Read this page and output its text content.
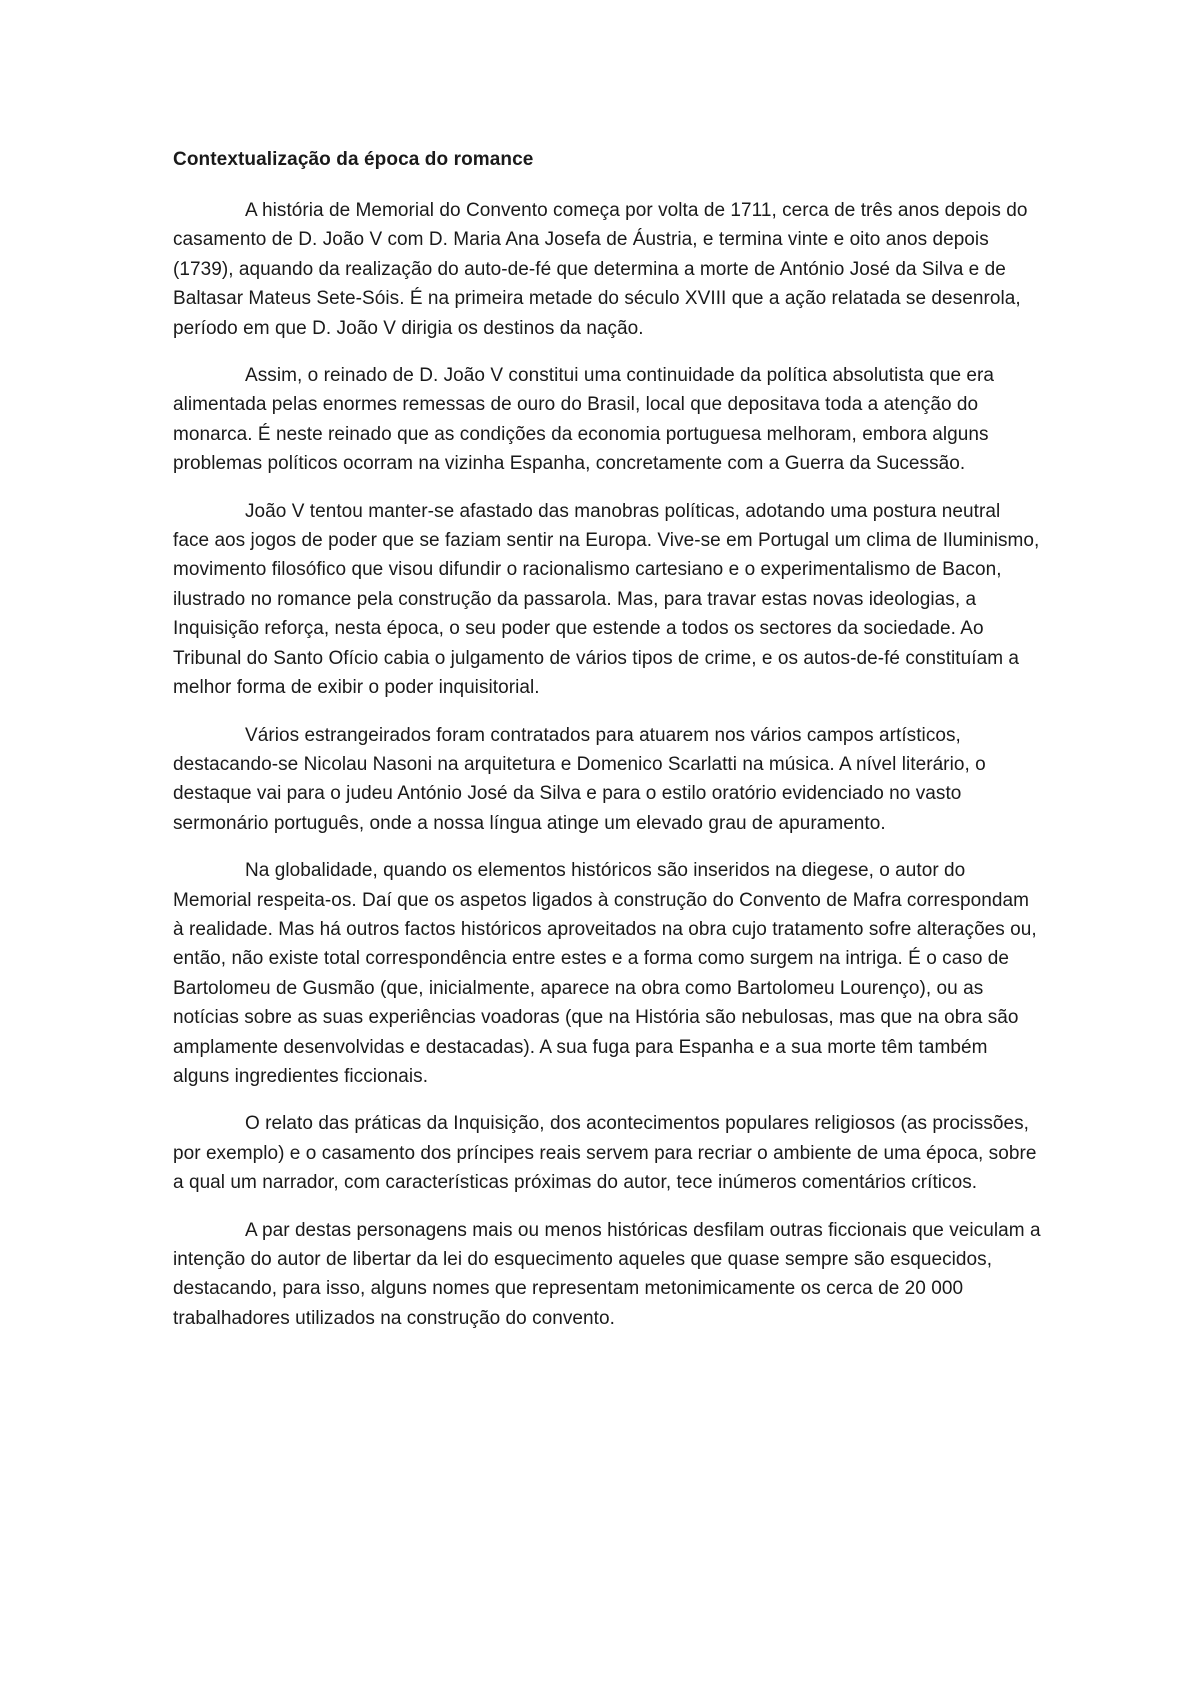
Contextualização da época do romance

A história de Memorial do Convento começa por volta de 1711, cerca de três anos depois do casamento de D. João V com D. Maria Ana Josefa de Áustria, e termina vinte e oito anos depois (1739), aquando da realização do auto-de-fé que determina a morte de António José da Silva e de Baltasar Mateus Sete-Sóis. É na primeira metade do século XVIII que a ação relatada se desenrola, período em que D. João V dirigia os destinos da nação.

Assim, o reinado de D. João V constitui uma continuidade da política absolutista que era alimentada pelas enormes remessas de ouro do Brasil, local que depositava toda a atenção do monarca. É neste reinado que as condições da economia portuguesa melhoram, embora alguns problemas políticos ocorram na vizinha Espanha, concretamente com a Guerra da Sucessão.

João V tentou manter-se afastado das manobras políticas, adotando uma postura neutral face aos jogos de poder que se faziam sentir na Europa. Vive-se em Portugal um clima de Iluminismo, movimento filosófico que visou difundir o racionalismo cartesiano e o experimentalismo de Bacon, ilustrado no romance pela construção da passarola. Mas, para travar estas novas ideologias, a Inquisição reforça, nesta época, o seu poder que estende a todos os sectores da sociedade. Ao Tribunal do Santo Ofício cabia o julgamento de vários tipos de crime, e os autos-de-fé constituíam a melhor forma de exibir o poder inquisitorial.

Vários estrangeirados foram contratados para atuarem nos vários campos artísticos, destacando-se Nicolau Nasoni na arquitetura e Domenico Scarlatti na música. A nível literário, o destaque vai para o judeu António José da Silva e para o estilo oratório evidenciado no vasto sermonário português, onde a nossa língua atinge um elevado grau de apuramento.

Na globalidade, quando os elementos históricos são inseridos na diegese, o autor do Memorial respeita-os. Daí que os aspetos ligados à construção do Convento de Mafra correspondam à realidade. Mas há outros factos históricos aproveitados na obra cujo tratamento sofre alterações ou, então, não existe total correspondência entre estes e a forma como surgem na intriga. É o caso de Bartolomeu de Gusmão (que, inicialmente, aparece na obra como Bartolomeu Lourenço), ou as notícias sobre as suas experiências voadoras (que na História são nebulosas, mas que na obra são amplamente desenvolvidas e destacadas). A sua fuga para Espanha e a sua morte têm também alguns ingredientes ficcionais.

O relato das práticas da Inquisição, dos acontecimentos populares religiosos (as procissões, por exemplo) e o casamento dos príncipes reais servem para recriar o ambiente de uma época, sobre a qual um narrador, com características próximas do autor, tece inúmeros comentários críticos.

A par destas personagens mais ou menos históricas desfilam outras ficcionais que veiculam a intenção do autor de libertar da lei do esquecimento aqueles que quase sempre são esquecidos, destacando, para isso, alguns nomes que representam metonimicamente os cerca de 20 000 trabalhadores utilizados na construção do convento.
